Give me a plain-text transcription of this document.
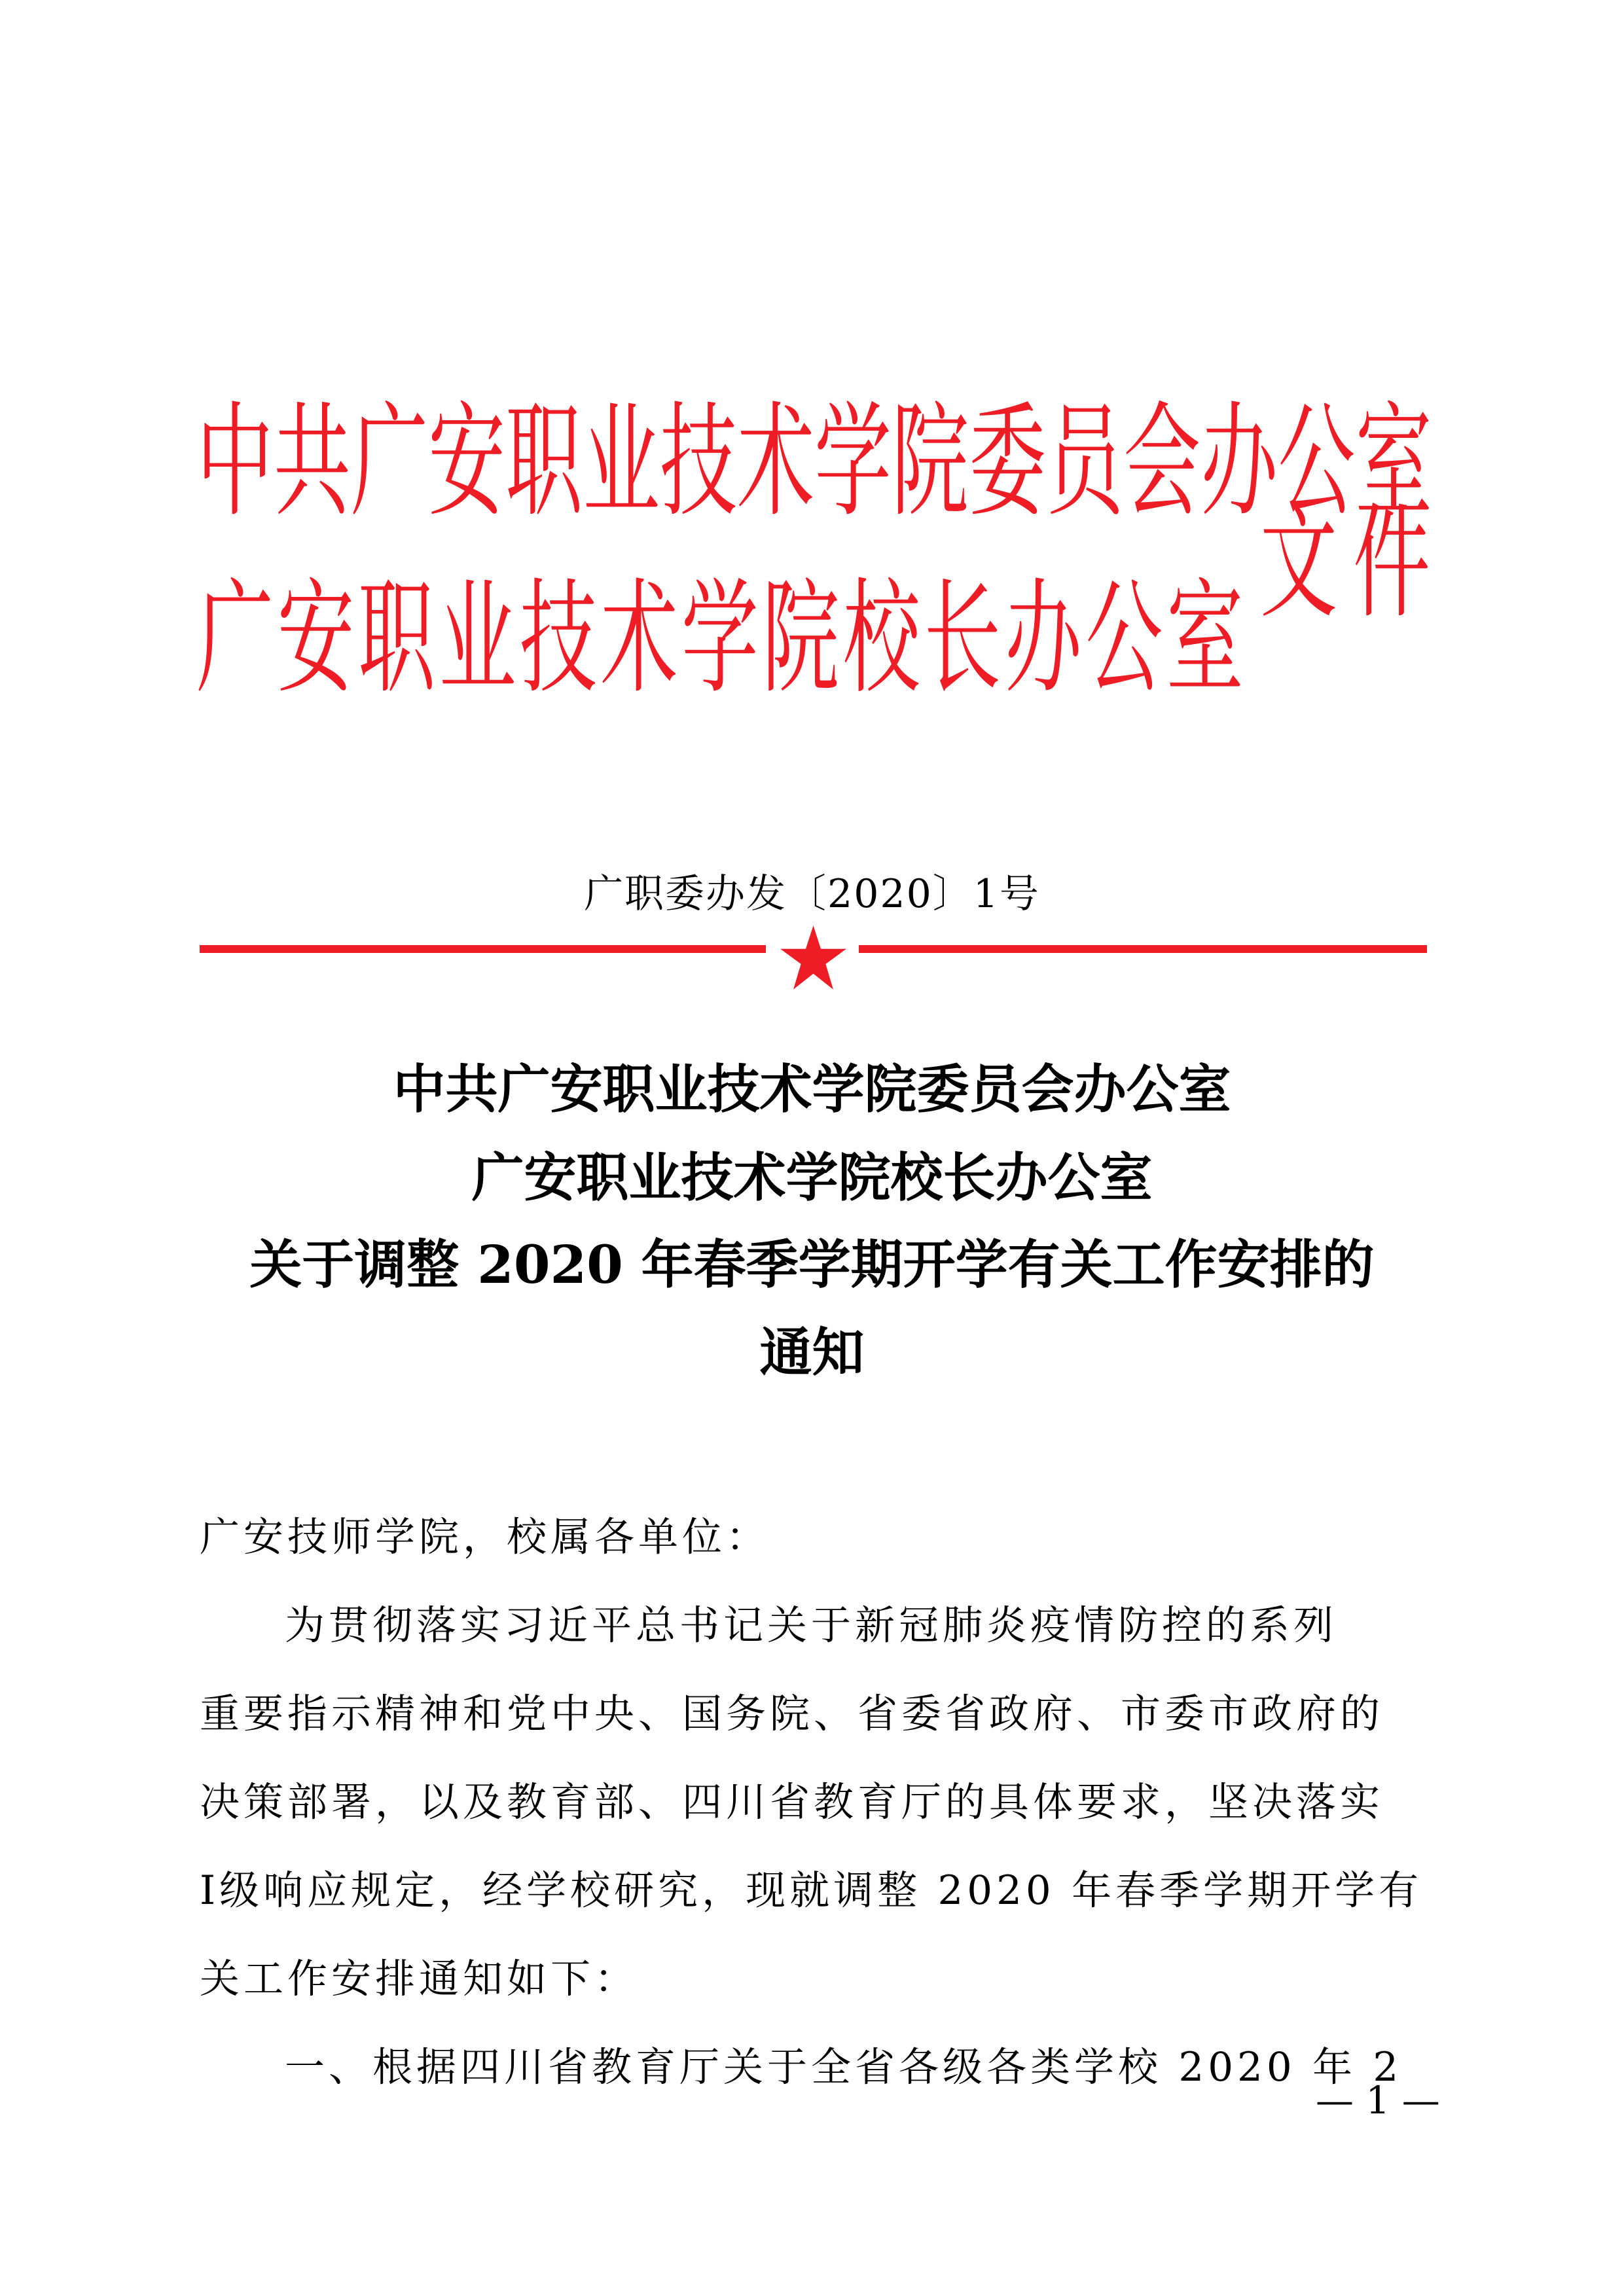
中 共 广 安 职 业 技 术 学 院 委 员 会 办 公 室
广 安 职 业 技 术 学 院 校 长 办 公 室
文 件
广职委办发〔2020〕1号
中共广安职业技术学院委员会办公室
广安职业技术学院校长办公室
关于调整 2020 年春季学期开学有关工作安排的
通知
广安技师学院，校属各单位：
为贯彻落实习近平总书记关于新冠肺炎疫情防控的系列
重要指示精神和党中央、国务院、省委省政府、市委市政府的
决策部署，以及教育部、四川省教育厅的具体要求，坚决落实
Ⅰ级响应规定，经学校研究，现就调整 2020 年春季学期开学有
关工作安排通知如下：
一、根据四川省教育厅关于全省各级各类学校 2020 年 2
— 1 —
